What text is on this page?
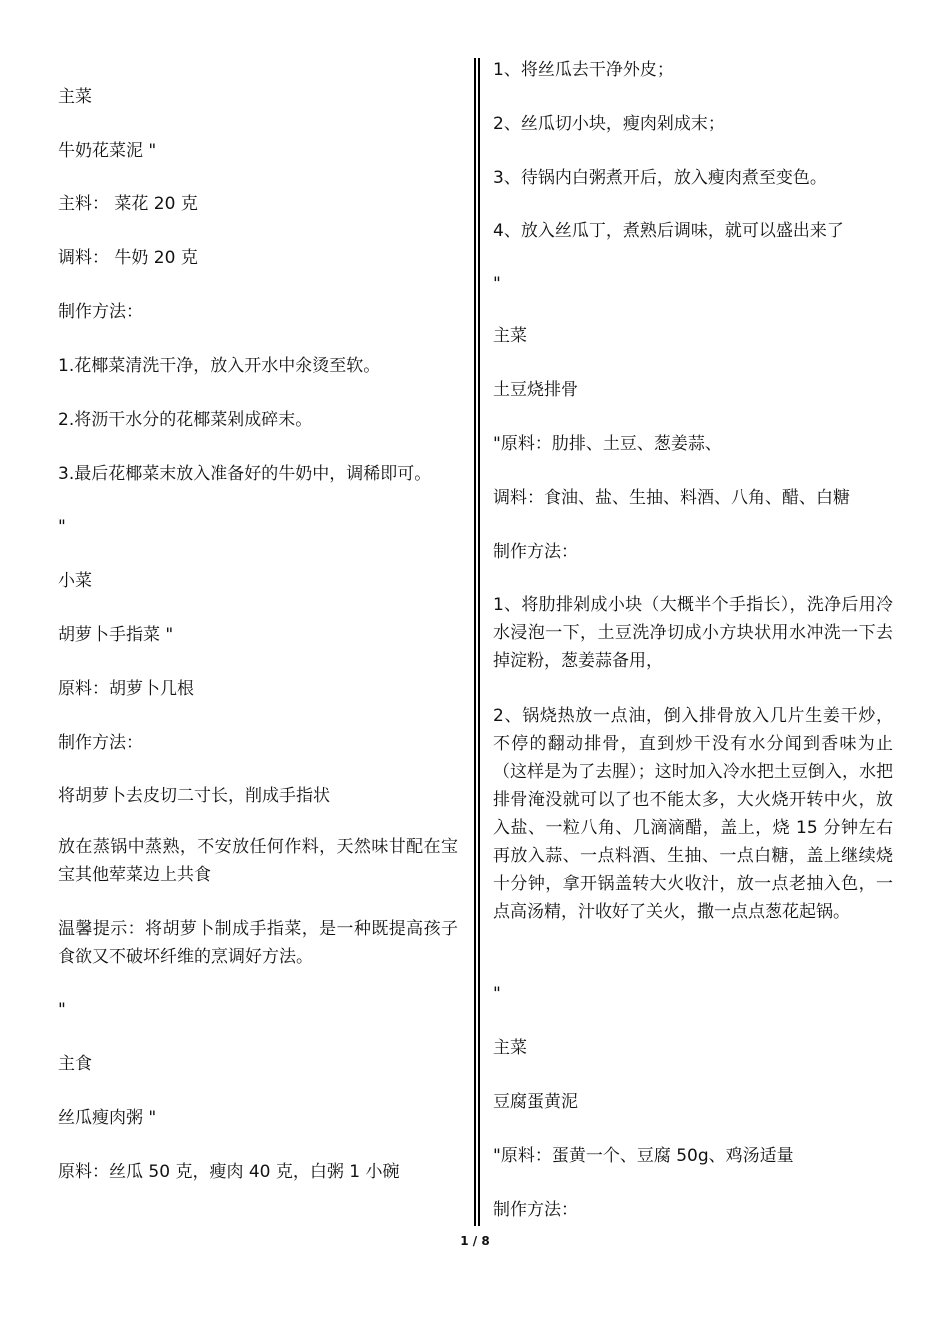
主菜
牛奶花菜泥 "
主料： 菜花 20 克
调料： 牛奶 20 克
制作方法：
1.花椰菜清洗干净，放入开水中氽烫至软。
2.将沥干水分的花椰菜剁成碎末。
3.最后花椰菜末放入准备好的牛奶中，调稀即可。
"
小菜
胡萝卜手指菜 "
原料：胡萝卜几根
制作方法：
将胡萝卜去皮切二寸长，削成手指状
放在蒸锅中蒸熟，不安放任何作料，天然味甘配在宝宝其他荤菜边上共食
温馨提示：将胡萝卜制成手指菜，是一种既提高孩子食欲又不破坏纤维的烹调好方法。
"
主食
丝瓜瘦肉粥 "
原料：丝瓜 50 克，瘦肉 40 克，白粥 1 小碗
1、将丝瓜去干净外皮；
2、丝瓜切小块，瘦肉剁成末；
3、待锅内白粥煮开后，放入瘦肉煮至变色。
4、放入丝瓜丁，煮熟后调味，就可以盛出来了
"
主菜
土豆烧排骨
"原料：肋排、土豆、葱姜蒜、
调料：食油、盐、生抽、料酒、八角、醋、白糖
制作方法：
1、将肋排剁成小块（大概半个手指长），洗净后用冷水浸泡一下，土豆洗净切成小方块状用水冲洗一下去掉淀粉，葱姜蒜备用，
2、锅烧热放一点油，倒入排骨放入几片生姜干炒，不停的翻动排骨，直到炒干没有水分闻到香味为止（这样是为了去腥）；这时加入冷水把土豆倒入，水把排骨淹没就可以了也不能太多，大火烧开转中火，放入盐、一粒八角、几滴滴醋，盖上，烧 15 分钟左右再放入蒜、一点料酒、生抽、一点白糖，盖上继续烧十分钟，拿开锅盖转大火收汁，放一点老抽入色，一点高汤精，汁收好了关火，撒一点点葱花起锅。
"
主菜
豆腐蛋黄泥
"原料：蛋黄一个、豆腐 50g、鸡汤适量
制作方法：
1 / 8
